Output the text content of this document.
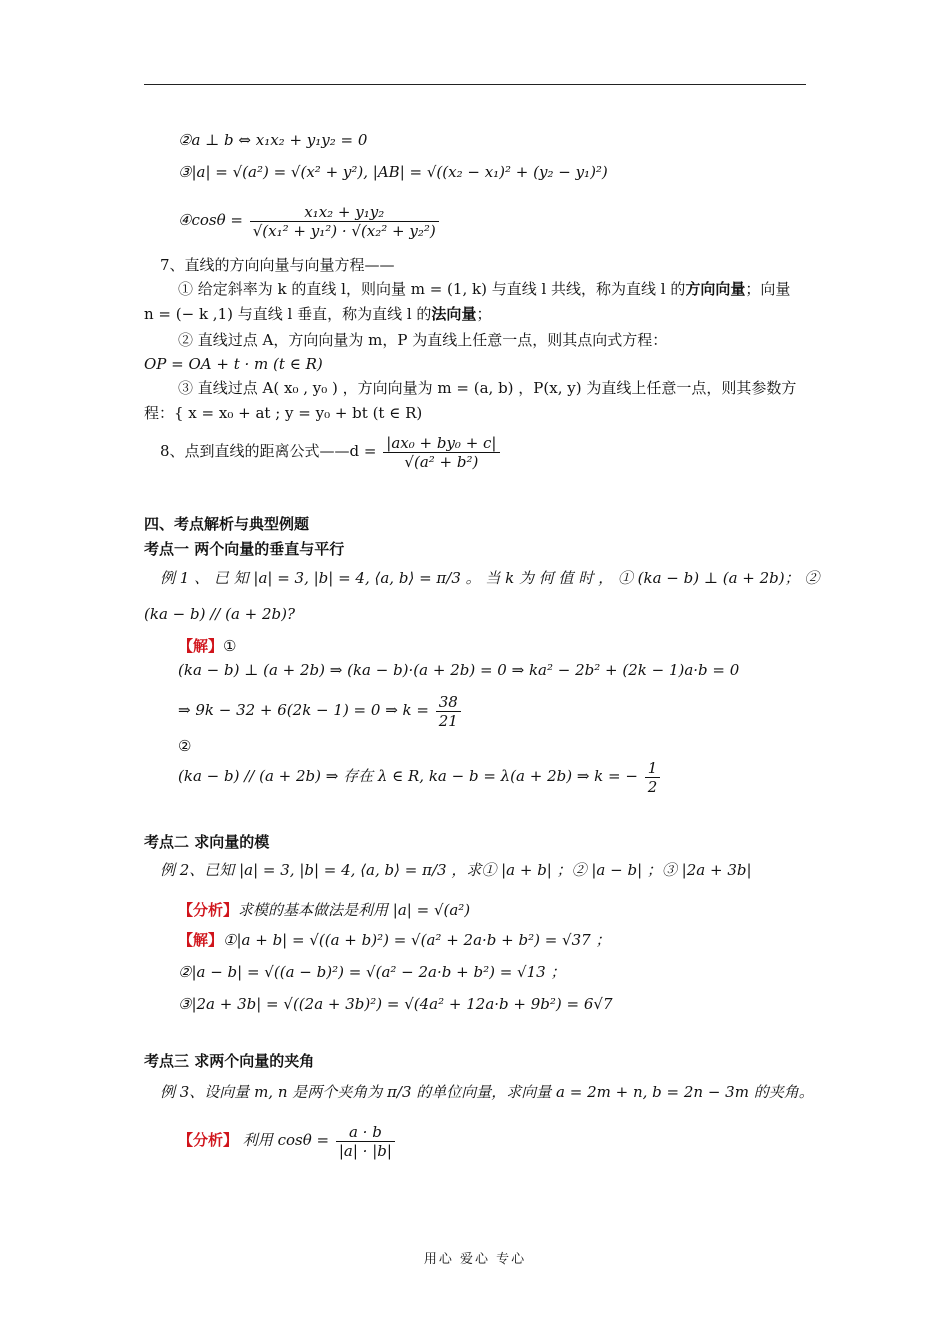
②a ⊥ b ⇔ x₁x₂ + y₁y₂ = 0
③|a| = √(a²) = √(x² + y²), |AB| = √((x₂ − x₁)² + (y₂ − y₁)²)
④cosθ = $\frac{\text{x₁x₂ + y₁y₂}}{\text{√(x₁² + y₁²) · √(x₂² + y₂²)}}$
7、直线的方向向量与向量方程——
① 给定斜率为 k 的直线 l，则向量 m = (1, k) 与直线 l 共线，称为直线 l 的方向向量；向量
n = (− k ,1) 与直线 l 垂直，称为直线 l 的法向量；
② 直线过点 A，方向向量为 m，P 为直线上任意一点，则其点向式方程：
OP = OA + t · m (t ∈ R)
③ 直线过点 A( x₀ , y₀ ) ，方向向量为 m = (a, b) ，P(x, y) 为直线上任意一点，则其参数方
程：{ x = x₀ + at ; y = y₀ + bt (t ∈ R)
8、点到直线的距离公式——d = $\frac{\text{|ax₀ + by₀ + c|}}{\text{√(a² + b²)}}$
四、考点解析与典型例题
考点一 两个向量的垂直与平行
例 1 、 已 知 |a| = 3, |b| = 4, ⟨a, b⟩ = π/3 。 当 k 为 何 值 时 ， ① (ka − b) ⊥ (a + 2b)； ②
(ka − b) // (a + 2b)?
【解】①
(ka − b) ⊥ (a + 2b) ⇒ (ka − b)·(a + 2b) = 0 ⇒ ka² − 2b² + (2k − 1)a·b = 0
⇒ 9k − 32 + 6(2k − 1) = 0 ⇒ $k = \frac{38}{21}$
②
(ka − b) // (a + 2b) ⇒ 存在 λ ∈ R, ka − b = λ(a + 2b) ⇒ k = − $\frac{1}{2}$
考点二 求向量的模
例 2、已知 |a| = 3, |b| = 4, ⟨a, b⟩ = π/3 ，求① |a + b| ；② |a − b| ；③ |2a + 3b|
【分析】求模的基本做法是利用 |a| = √(a²)
【解】①|a + b| = √((a + b)²) = √(a² + 2a·b + b²) = √37 ；
②|a − b| = √((a − b)²) = √(a² − 2a·b + b²) = √13 ；
③|2a + 3b| = √((2a + 3b)²) = √(4a² + 12a·b + 9b²) = 6√7
考点三 求两个向量的夹角
例 3、设向量 m, n 是两个夹角为 π/3 的单位向量，求向量 a = 2m + n, b = 2n − 3m 的夹角。
【分析】 利用 $\cos\theta = \frac{a \cdot b}{|a| \cdot |b|}$
用心 爱心 专心
